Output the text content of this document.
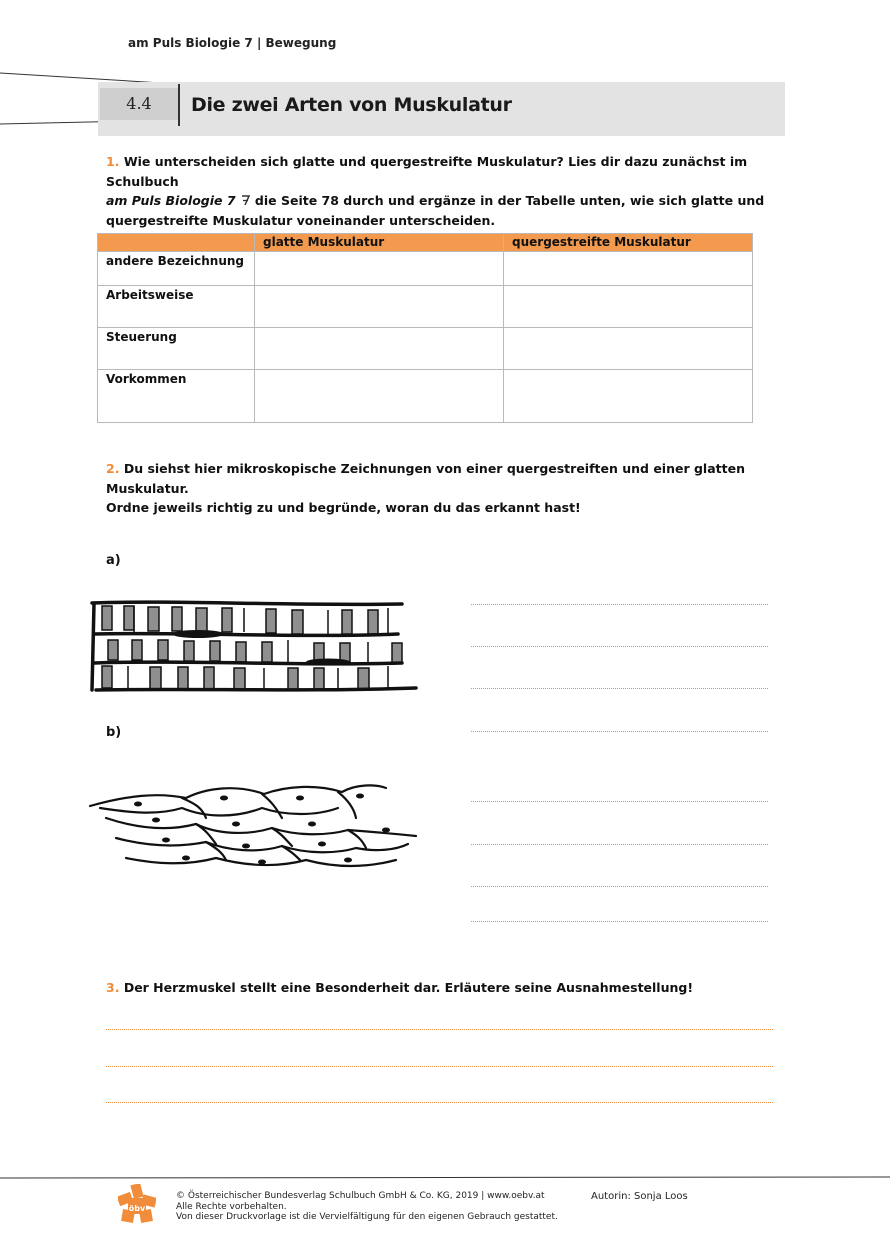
am Puls Biologie 7 | Bewegung
4.4	Die zwei Arten von Muskulatur
1. Wie unterscheiden sich glatte und quergestreifte Muskulatur? Lies dir dazu zunächst im Schulbuch
am Puls Biologie 7 die Seite 78 durch und ergänze in der Tabelle unten, wie sich glatte und
quergestreifte Muskulatur voneinander unterscheiden.
	glatte Muskulatur	quergestreifte Muskulatur
andere Bezeichnung		
Arbeitsweise		
Steuerung		
Vorkommen		
2. Du siehst hier mikroskopische Zeichnungen von einer quergestreiften und einer glatten Muskulatur.
Ordne jeweils richtig zu und begründe, woran du das erkannt hast!
a)
b)
3. Der Herzmuskel stellt eine Besonderheit dar. Erläutere seine Ausnahmestellung!
öbv
© Österreichischer Bundesverlag Schulbuch GmbH & Co. KG, 2019 | www.oebv.at
Alle Rechte vorbehalten.
Von dieser Druckvorlage ist die Vervielfältigung für den eigenen Gebrauch gestattet.
Autorin: Sonja Loos
